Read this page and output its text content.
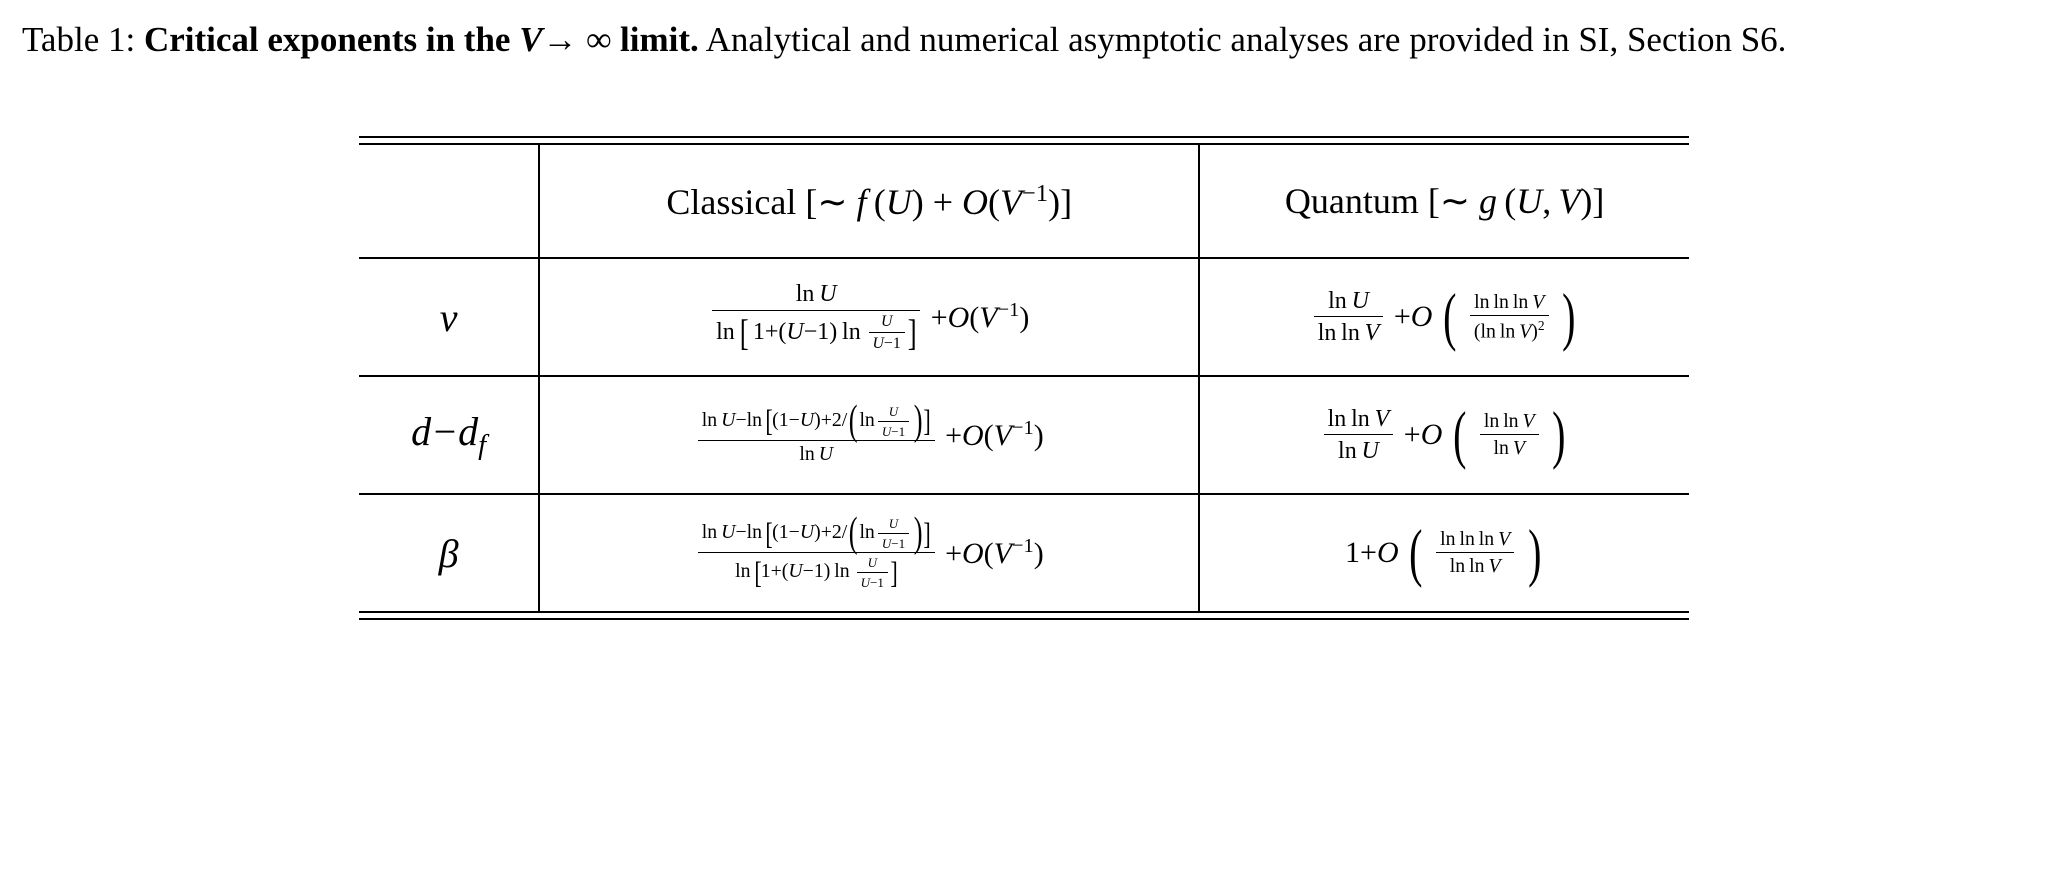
Table 1: Critical exponents in the V→ ∞ limit. Analytical and numerical asymptotic analyses are provided in SI, Section S6.

	Classical [∼ f $(U) + O(V^{-1})$]	Quantum [∼ g (U, V)]
ν	$\frac{\text{ln  U}}{\ln [ 1+(U-1) \ln \frac{U}{U-1} ]} +O(V^{-1})$	$\frac{\text{ln  U}}{\text{ln ln  V}} +O$ ( $\frac{\text{ln ln ln  V}}{(\ln \ln V)^2}$ )
$d-d_f$	$\frac{\ln U-\ln [(1-U)+2/(\ln \frac{U}{U-1} )]}{\text{ln  U}} +O(V^{-1})$	$\frac{\text{ln ln  V}}{\text{ln  U}} +O$ ( $\frac{\text{ln ln  V}}{\text{ln  V}}$ )
β	$\frac{\ln U-\ln [(1-U)+2/(\ln \frac{U}{U-1} )]}{\ln [1+(U-1) \ln \frac{U}{U-1} ]} +O(V^{-1})$	1+O ( $\frac{\text{ln ln ln  V}}{\text{ln ln  V}}$ )
